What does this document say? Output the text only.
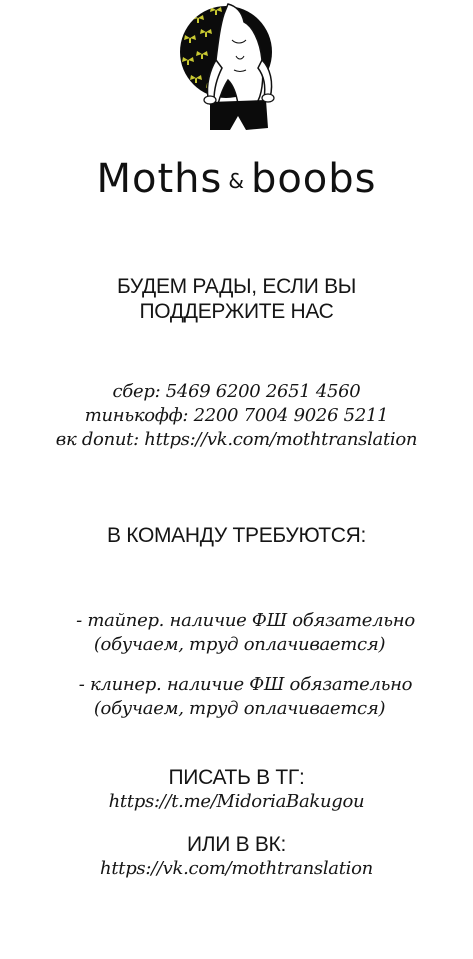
Moths & boobs
БУДЕМ РАДЫ, ЕСЛИ ВЫ
ПОДДЕРЖИТЕ НАС
сбер: 5469 6200 2651 4560
тинькофф: 2200 7004 9026 5211
вк donut: https://vk.com/mothtranslation
В КОМАНДУ ТРЕБУЮТСЯ:
- тайпер. наличие ФШ обязательно
(обучаем, труд оплачивается)
- клинер. наличие ФШ обязательно
(обучаем, труд оплачивается)
ПИСАТЬ В ТГ:
https://t.me/MidoriaBakugou
ИЛИ В ВК:
https://vk.com/mothtranslation
